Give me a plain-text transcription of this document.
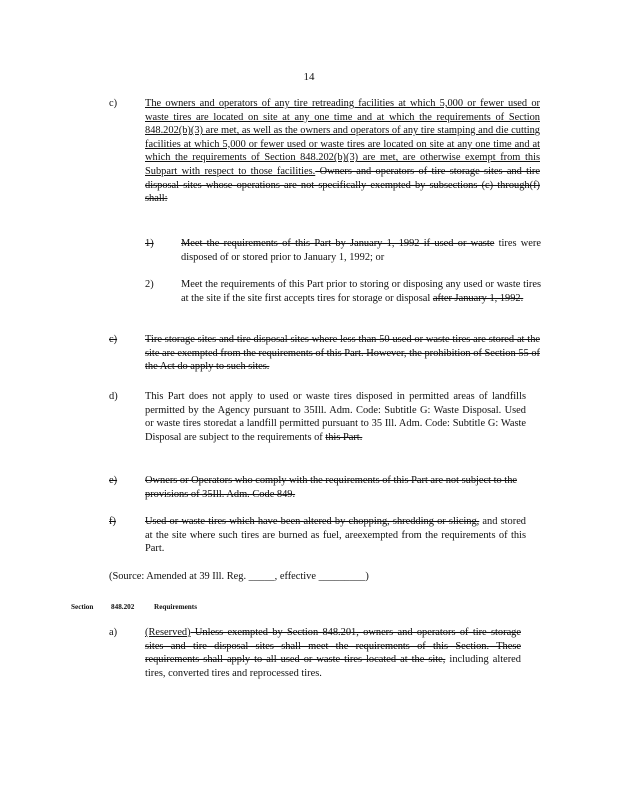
14
c)	The owners and operators of any tire retreading facilities at which 5,000 or fewer used or waste tires are located on site at any one time and at which the requirements of Section 848.202(b)(3) are met, as well as the owners and operators of any tire stamping and die cutting facilities at which 5,000 or fewer used or waste tires are located on site at any one time and at which the requirements of Section 848.202(b)(3) are met, are otherwise exempt from this Subpart with respect to those facilities. Owners and operators of tire storage sites and tire disposal sites whose operations are not specifically exempted by subsections (c) through(f) shall:
1)	Meet the requirements of this Part by January 1, 1992 if used or waste tires were disposed of or stored prior to January 1, 1992; or
2)	Meet the requirements of this Part prior to storing or disposing any used or waste tires at the site if the site first accepts tires for storage or disposal after January 1, 1992.
c)	Tire storage sites and tire disposal sites where less than 50 used or waste tires are stored at the site are exempted from the requirements of this Part. However, the prohibition of Section 55 of the Act do apply to such sites.
d)	This Part does not apply to used or waste tires disposed in permitted areas of landfills permitted by the Agency pursuant to 35Ill. Adm. Code: Subtitle G: Waste Disposal. Used or waste tires storedat a landfill permitted pursuant to 35 Ill. Adm. Code: Subtitle G: Waste Disposal are subject to the requirements of this Part.
e)	Owners or Operators who comply with the requirements of this Part are not subject to the provisions of 35Ill. Adm. Code 849.
f)	Used or waste tires which have been altered by chopping, shredding or slicing, and stored at the site where such tires are burned as fuel, areexempted from the requirements of this Part.
(Source: Amended at 39 Ill. Reg. _____, effective _________)
Section 848.202	Requirements
a)	(Reserved) Unless exempted by Section 848.201, owners and operators of tire storage sites and tire disposal sites shall meet the requirements of this Section. These requirements shall apply to all used or waste tires located at the site, including altered tires, converted tires and reprocessed tires.
